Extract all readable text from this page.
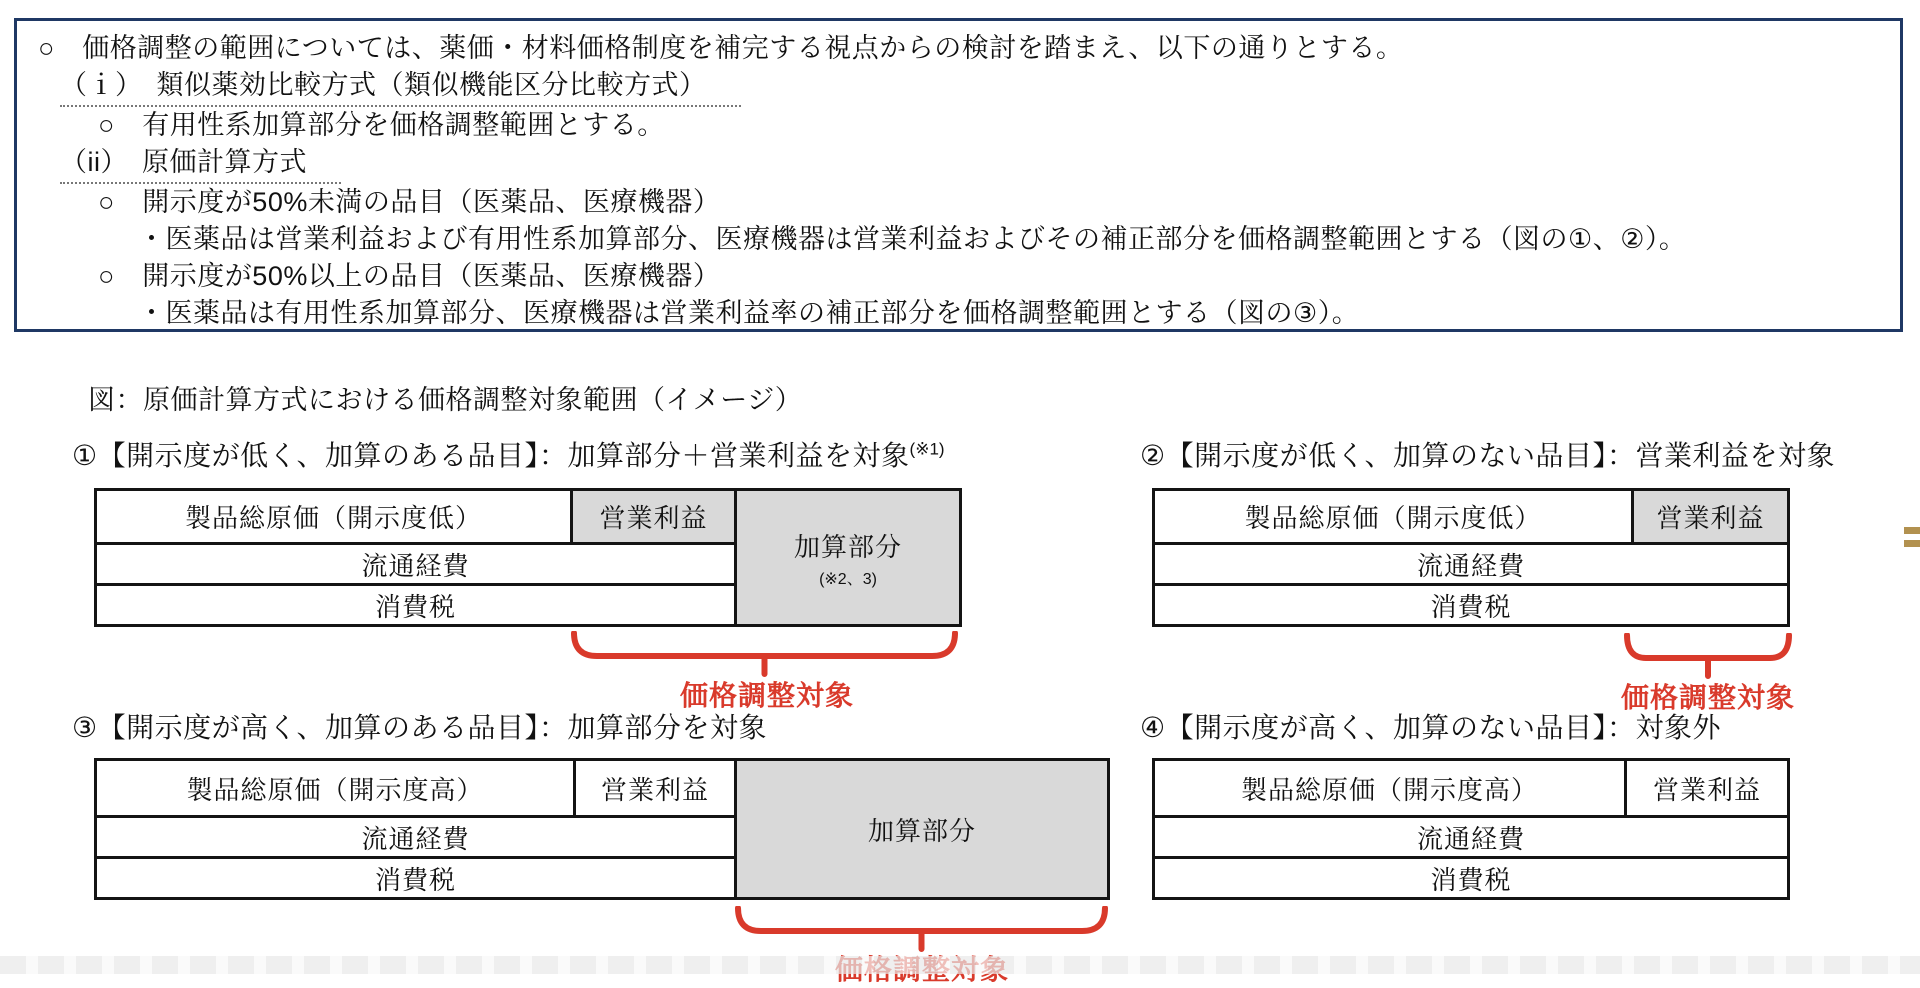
○　価格調整の範囲については、薬価・材料価格制度を補完する視点からの検討を踏まえ、以下の通りとする。
（ｉ）　類似薬効比較方式（類似機能区分比較方式）
○　有用性系加算部分を価格調整範囲とする。
（ii）　原価計算方式
○　開示度が50%未満の品目（医薬品、医療機器）
・医薬品は営業利益および有用性系加算部分、医療機器は営業利益およびその補正部分を価格調整範囲とする（図の①、②）。
○　開示度が50%以上の品目（医薬品、医療機器）
・医薬品は有用性系加算部分、医療機器は営業利益率の補正部分を価格調整範囲とする（図の③）。
図：原価計算方式における価格調整対象範囲（イメージ）
①【開示度が低く、加算のある品目】：加算部分＋営業利益を対象$^{(※1)}$	②【開示度が低く、加算のない品目】：営業利益を対象
製品総原価（開示度低）	営業利益
流通経費
消費税
加算部分
(※2、3)
価格調整対象
製品総原価（開示度低）	営業利益
流通経費
消費税
価格調整対象
③【開示度が高く、加算のある品目】：加算部分を対象	④【開示度が高く、加算のない品目】：対象外
製品総原価（開示度高）	営業利益
流通経費
消費税
加算部分
製品総原価（開示度高）	営業利益
流通経費
消費税
